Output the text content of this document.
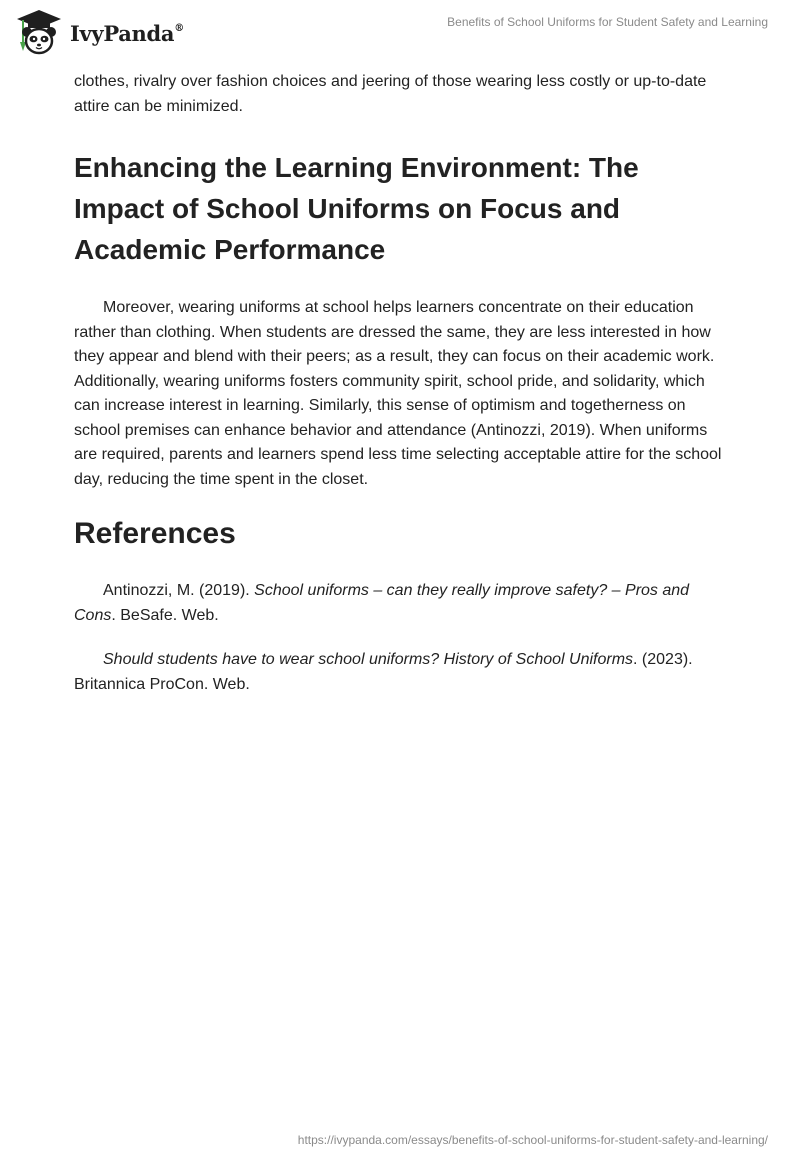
IvyPanda®	Benefits of School Uniforms for Student Safety and Learning

clothes, rivalry over fashion choices and jeering of those wearing less costly or up-to-date attire can be minimized.

Enhancing the Learning Environment: The Impact of School Uniforms on Focus and Academic Performance

Moreover, wearing uniforms at school helps learners concentrate on their education rather than clothing. When students are dressed the same, they are less interested in how they appear and blend with their peers; as a result, they can focus on their academic work. Additionally, wearing uniforms fosters community spirit, school pride, and solidarity, which can increase interest in learning. Similarly, this sense of optimism and togetherness on school premises can enhance behavior and attendance (Antinozzi, 2019). When uniforms are required, parents and learners spend less time selecting acceptable attire for the school day, reducing the time spent in the closet.

References

Antinozzi, M. (2019). School uniforms – can they really improve safety? – Pros and Cons. BeSafe. Web.

Should students have to wear school uniforms? History of School Uniforms. (2023). Britannica ProCon. Web.

https://ivypanda.com/essays/benefits-of-school-uniforms-for-student-safety-and-learning/
